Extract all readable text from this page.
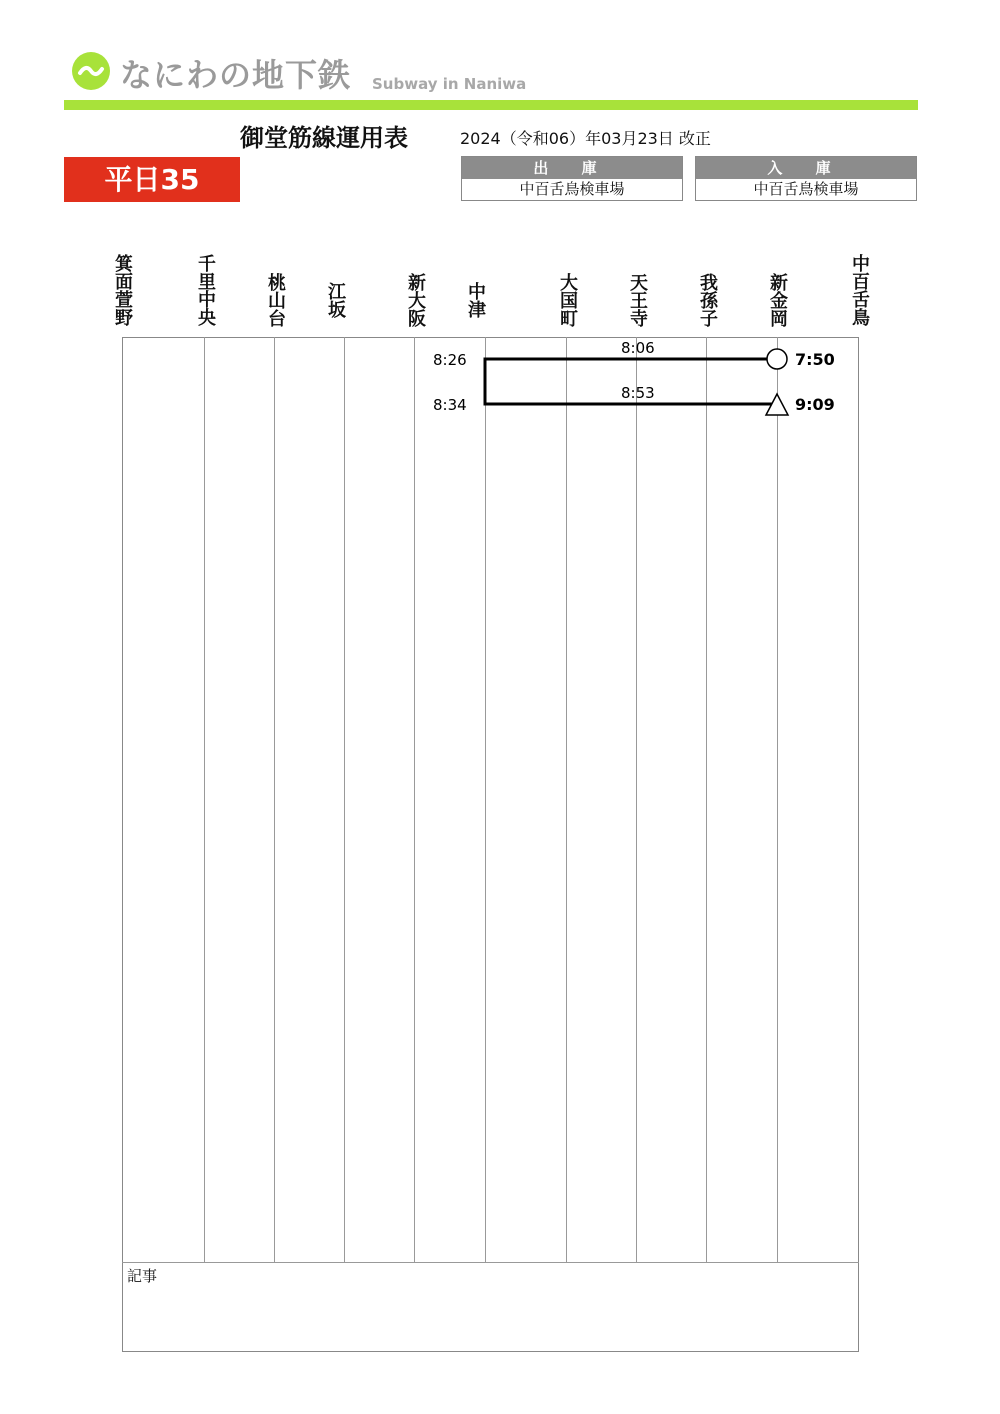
なにわの地下鉄 Subway in Naniwa
御堂筋線運用表	2024（令和06）年03月23日 改正
平日35	出 庫
中百舌鳥検車場
入 庫
中百舌鳥検車場
箕面萱野	千里中央	桃山台 江坂	新大阪 中津	大国町	天王寺	我孫子	新金岡	中百舌鳥
記事
7:50
8:06
8:26
8:34
8:53
9:09
